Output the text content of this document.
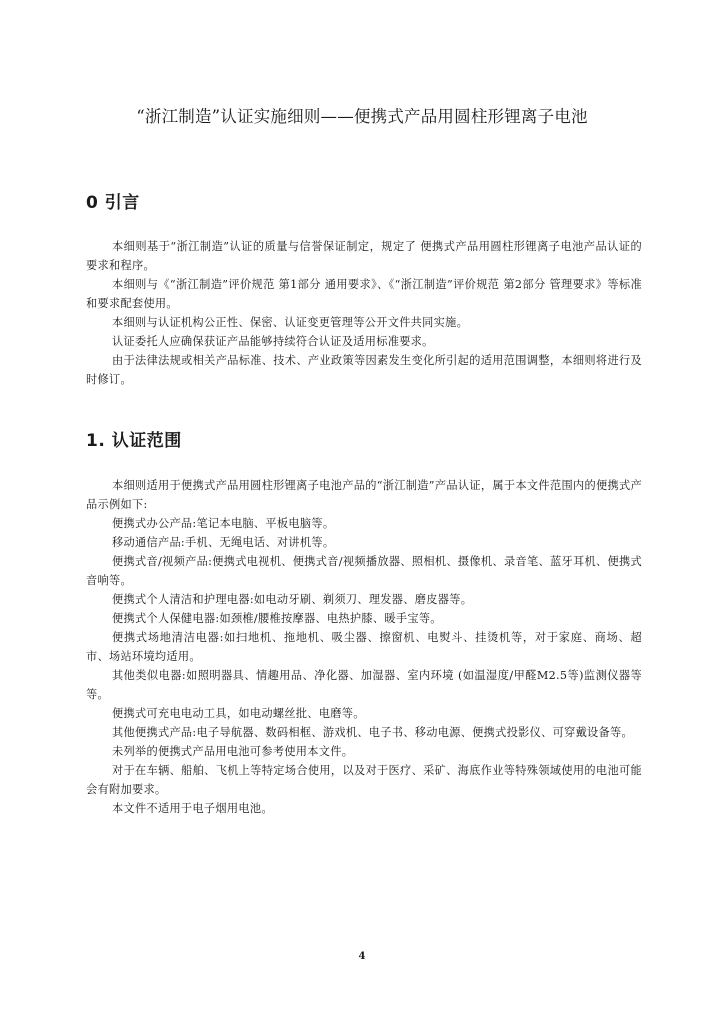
“浙江制造”认证实施细则——便携式产品用圆柱形锂离子电池
0 引言

本细则基于“浙江制造”认证的质量与信誉保证制定，规定了 便携式产品用圆柱形锂离子电池产品认证的要求和程序。

本细则与《“浙江制造”评价规范 第1部分 通用要求》、《“浙江制造”评价规范 第2部分 管理要求》等标准和要求配套使用。

本细则与认证机构公正性、保密、认证变更管理等公开文件共同实施。

认证委托人应确保获证产品能够持续符合认证及适用标准要求。

由于法律法规或相关产品标准、技术、产业政策等因素发生变化所引起的适用范围调整，本细则将进行及时修订。

1. 认证范围

本细则适用于便携式产品用圆柱形锂离子电池产品的“浙江制造”产品认证，属于本文件范围内的便携式产品示例如下:

便携式办公产品:笔记本电脑、平板电脑等。

移动通信产品:手机、无绳电话、对讲机等。

便携式音/视频产品:便携式电视机、便携式音/视频播放器、照相机、摄像机、录音笔、蓝牙耳机、便携式音响等。

便携式个人清洁和护理电器:如电动牙刷、剃须刀、理发器、磨皮器等。

便携式个人保健电器:如颈椎/腰椎按摩器、电热护膝、暖手宝等。

便携式场地清洁电器:如扫地机、拖地机、吸尘器、擦窗机、电熨斗、挂烫机等，对于家庭、商场、超市、场站环境均适用。

其他类似电器:如照明器具、情趣用品、净化器、加湿器、室内环境 (如温湿度/甲醛M2.5等)监测仪器等等。

便携式可充电电动工具，如电动螺丝批、电磨等。

其他便携式产品:电子导航器、数码相框、游戏机、电子书、移动电源、便携式投影仪、可穿戴设备等。

未列举的便携式产品用电池可参考使用本文件。

对于在车辆、船舶、飞机上等特定场合使用，以及对于医疗、采矿、海底作业等特殊领域使用的电池可能会有附加要求。

本文件不适用于电子烟用电池。

4
